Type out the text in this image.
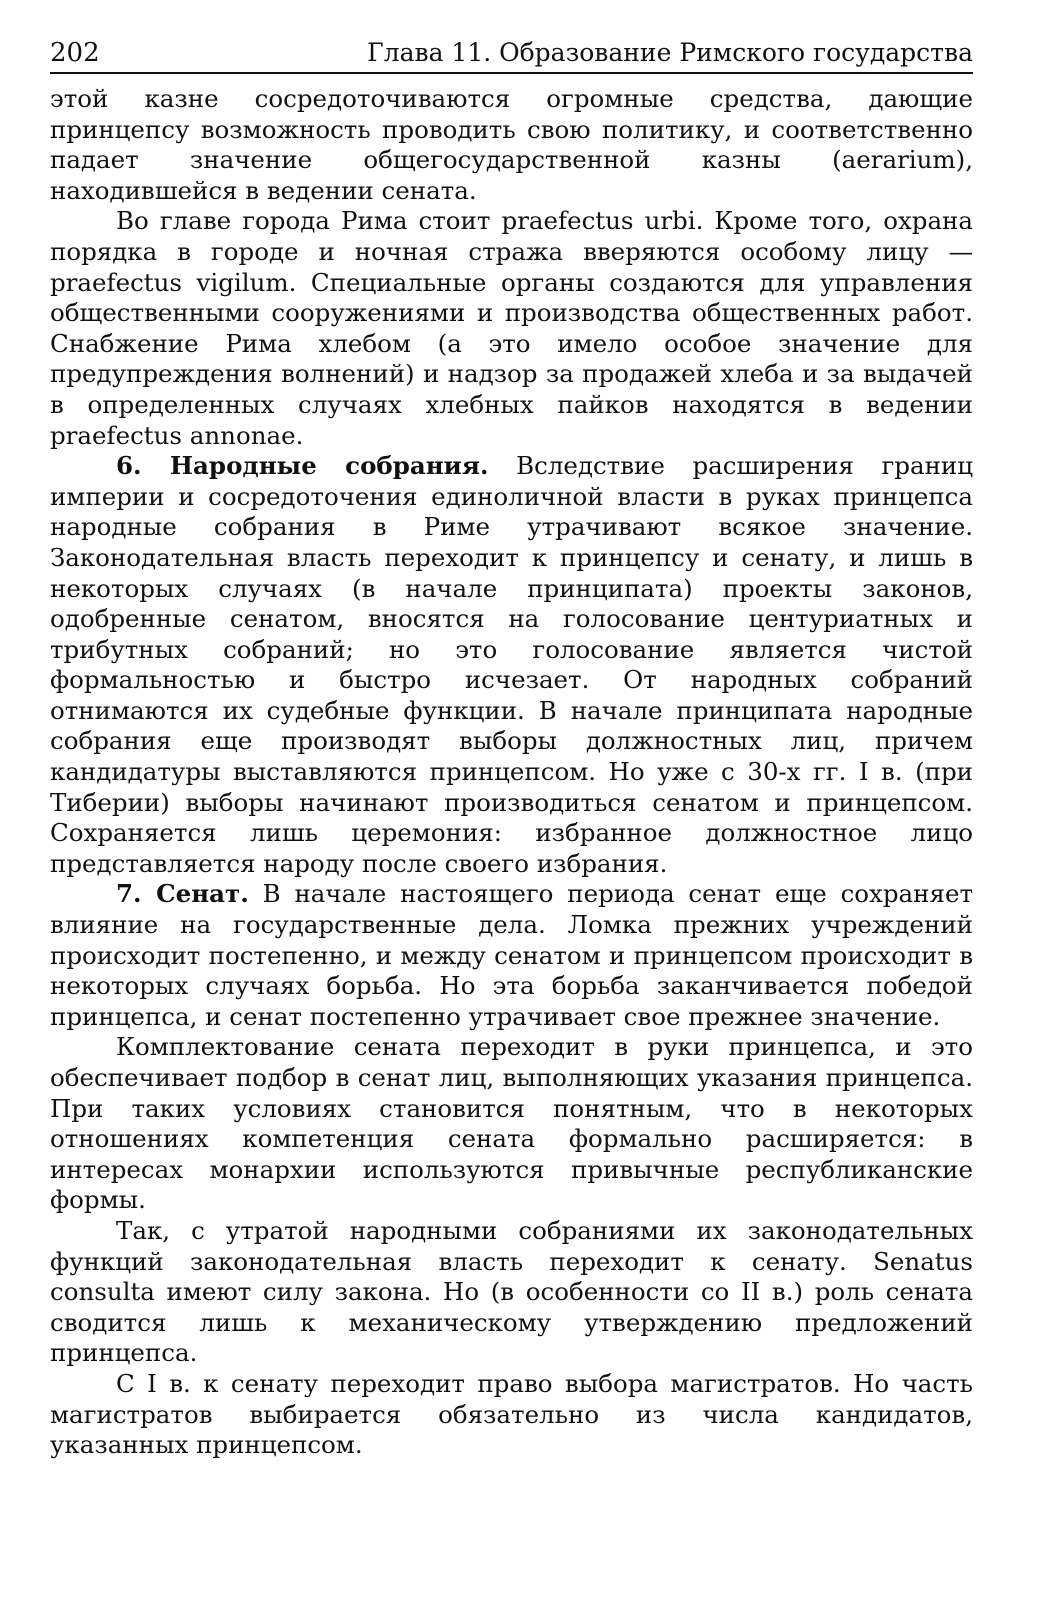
202	Глава 11. Образование Римского государства

этой казне сосредоточиваются огромные средства, дающие принцепсу возможность проводить свою политику, и соответственно падает значение общегосударственной казны (aerarium), находившейся в ведении сената.

Во главе города Рима стоит praefectus urbi. Кроме того, охрана порядка в городе и ночная стража вверяются особому лицу — praefectus vigilum. Специальные органы создаются для управления общественными сооружениями и производства общественных работ. Снабжение Рима хлебом (а это имело особое значение для предупреждения волнений) и надзор за продажей хлеба и за выдачей в определенных случаях хлебных пайков находятся в ведении praefectus annonae.

6. Народные собрания. Вследствие расширения границ империи и сосредоточения единоличной власти в руках принцепса народные собрания в Риме утрачивают всякое значение. Законодательная власть переходит к принцепсу и сенату, и лишь в некоторых случаях (в начале принципата) проекты законов, одобренные сенатом, вносятся на голосование центуриатных и трибутных собраний; но это голосование является чистой формальностью и быстро исчезает. От народных собраний отнимаются их судебные функции. В начале принципата народные собрания еще производят выборы должностных лиц, причем кандидатуры выставляются принцепсом. Но уже с 30-х гг. I в. (при Тиберии) выборы начинают производиться сенатом и принцепсом. Сохраняется лишь церемония: избранное должностное лицо представляется народу после своего избрания.

7. Сенат. В начале настоящего периода сенат еще сохраняет влияние на государственные дела. Ломка прежних учреждений происходит постепенно, и между сенатом и принцепсом происходит в некоторых случаях борьба. Но эта борьба заканчивается победой принцепса, и сенат постепенно утрачивает свое прежнее значение.

Комплектование сената переходит в руки принцепса, и это обеспечивает подбор в сенат лиц, выполняющих указания принцепса. При таких условиях становится понятным, что в некоторых отношениях компетенция сената формально расширяется: в интересах монархии используются привычные республиканские формы.

Так, с утратой народными собраниями их законодательных функций законодательная власть переходит к сенату. Senatus consulta имеют силу закона. Но (в особенности со II в.) роль сената сводится лишь к механическому утверждению предложений принцепса.

С I в. к сенату переходит право выбора магистратов. Но часть магистратов выбирается обязательно из числа кандидатов, указанных принцепсом.
